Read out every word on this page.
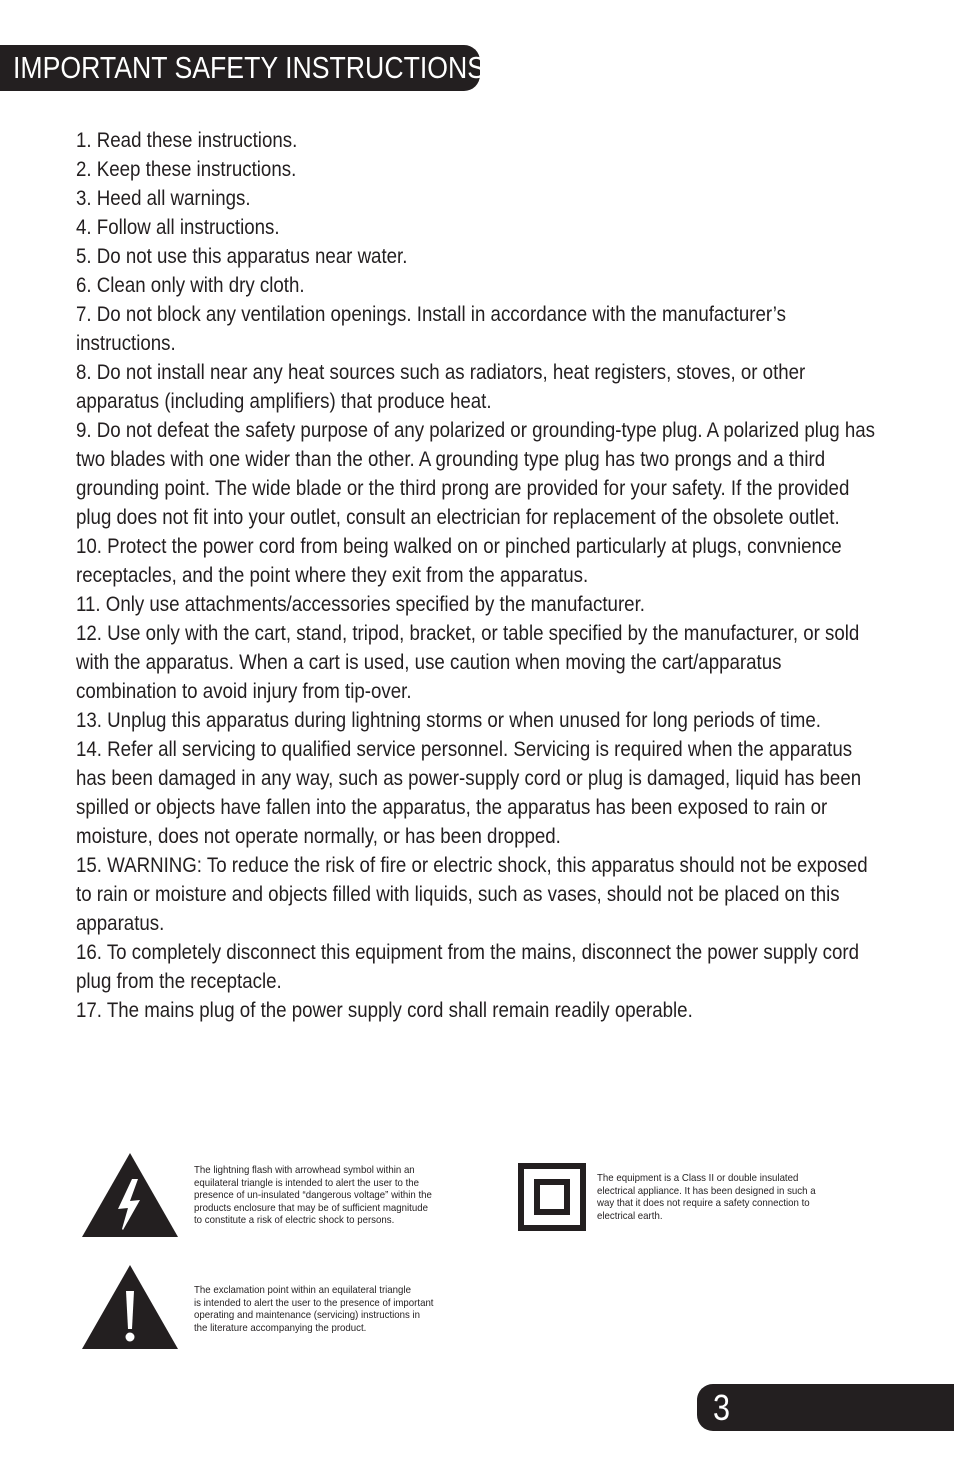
IMPORTANT SAFETY INSTRUCTIONS
1. Read these instructions.
2. Keep these instructions.
3. Heed all warnings.
4. Follow all instructions.
5. Do not use this apparatus near water.
6. Clean only with dry cloth.
7. Do not block any ventilation openings. Install in accordance with the manufacturer’s instructions.
8. Do not install near any heat sources such as radiators, heat registers, stoves, or other apparatus (including amplifiers) that produce heat.
9. Do not defeat the safety purpose of any polarized or grounding-type plug. A polarized plug has two blades with one wider than the other. A grounding type plug has two prongs and a third grounding point. The wide blade or the third prong are provided for your safety. If the provided plug does not fit into your outlet, consult an electrician for replacement of the obsolete outlet.
10. Protect the power cord from being walked on or pinched particularly at plugs, convnience receptacles, and the point where they exit from the apparatus.
11. Only use attachments/accessories specified by the manufacturer.
12. Use only with the cart, stand, tripod, bracket, or table specified by the manufacturer, or sold with the apparatus. When a cart is used, use caution when moving the cart/apparatus combination to avoid injury from tip-over.
13. Unplug this apparatus during lightning storms or when unused for long periods of time.
14. Refer all servicing to qualified service personnel. Servicing is required when the apparatus has been damaged in any way, such as power-supply cord or plug is damaged, liquid has been spilled or objects have fallen into the apparatus, the apparatus has been exposed to rain or moisture, does not operate normally, or has been dropped.
15. WARNING: To reduce the risk of fire or electric shock, this apparatus should not be exposed to rain or moisture and objects filled with liquids, such as vases, should not be placed on this apparatus.
16. To completely disconnect this equipment from the mains, disconnect the power supply cord plug from the receptacle.
17. The mains plug of the power supply cord shall remain readily operable.
The lightning flash with arrowhead symbol within an
equilateral triangle is intended to alert the user to the
presence of un-insulated “dangerous voltage” within the
products enclosure that may be of sufficient magnitude
to constitute a risk of electric shock to persons.
The equipment is a Class II or double insulated
electrical appliance. It has been designed in such a
way that it does not require a safety connection to
electrical earth.
The exclamation point within an equilateral triangle
is intended to alert the user to the presence of important
operating and maintenance (servicing) instructions in
the literature accompanying the product.
3
